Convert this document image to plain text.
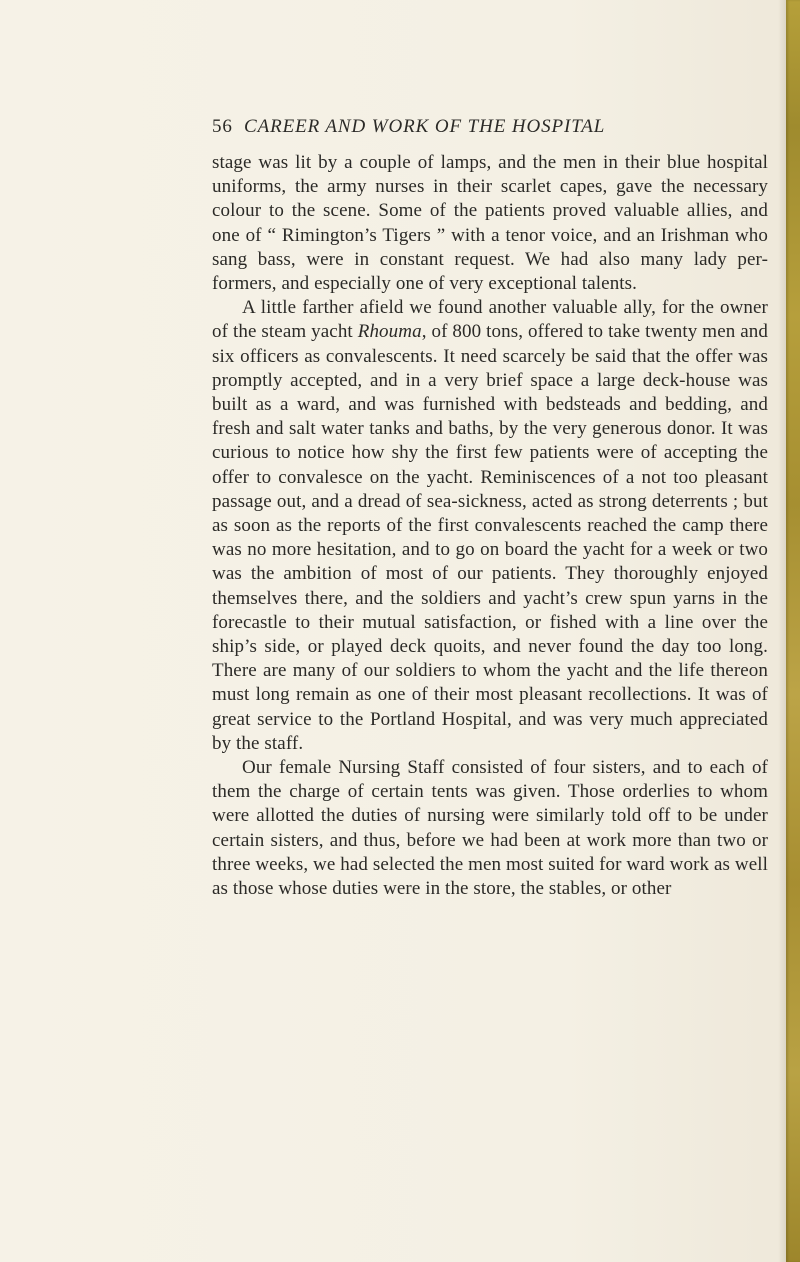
56 CAREER AND WORK OF THE HOSPITAL

stage was lit by a couple of lamps, and the men in their blue hospital uniforms, the army nurses in their scarlet capes, gave the necessary colour to the scene. Some of the patients proved valuable allies, and one of “ Rimington’s Tigers ” with a tenor voice, and an Irishman who sang bass, were in constant request. We had also many lady per-formers, and especially one of very exceptional talents.

A little farther afield we found another valuable ally, for the owner of the steam yacht Rhouma, of 800 tons, offered to take twenty men and six officers as convalescents. It need scarcely be said that the offer was promptly accepted, and in a very brief space a large deck-house was built as a ward, and was furnished with bedsteads and bedding, and fresh and salt water tanks and baths, by the very generous donor. It was curious to notice how shy the first few patients were of accepting the offer to convalesce on the yacht. Reminiscences of a not too pleasant passage out, and a dread of sea-sickness, acted as strong deterrents ; but as soon as the reports of the first convalescents reached the camp there was no more hesitation, and to go on board the yacht for a week or two was the ambition of most of our patients. They thoroughly enjoyed themselves there, and the soldiers and yacht’s crew spun yarns in the forecastle to their mutual satisfaction, or fished with a line over the ship’s side, or played deck quoits, and never found the day too long. There are many of our soldiers to whom the yacht and the life thereon must long remain as one of their most pleasant recollections. It was of great service to the Portland Hospital, and was very much appreciated by the staff.

Our female Nursing Staff consisted of four sisters, and to each of them the charge of certain tents was given. Those orderlies to whom were allotted the duties of nursing were similarly told off to be under certain sisters, and thus, before we had been at work more than two or three weeks, we had selected the men most suited for ward work as well as those whose duties were in the store, the stables, or other
